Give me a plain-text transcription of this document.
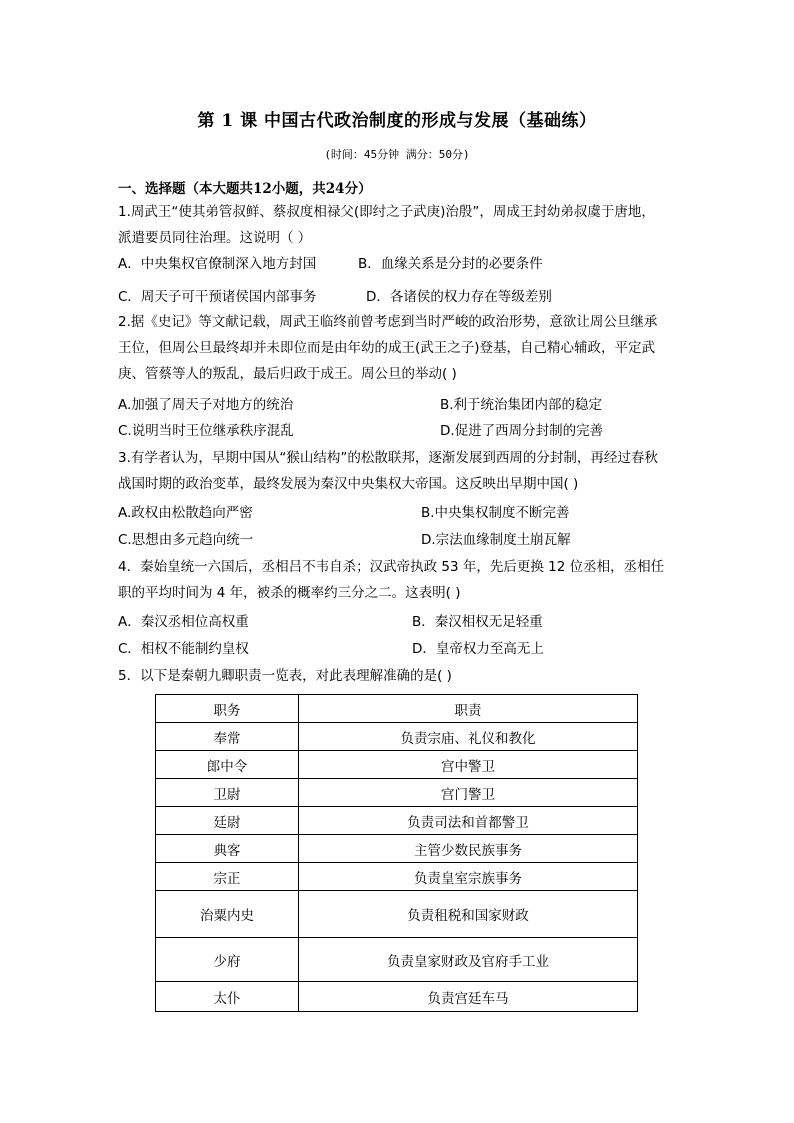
第 1 课 中国古代政治制度的形成与发展（基础练）
(时间：45分钟 满分：50分)
一、选择题（本大题共12小题，共24分）
1.周武王“使其弟管叔鲜、蔡叔度相禄父(即纣之子武庚)治殷”，周成王封幼弟叔虞于唐地，
派遣要员同往治理。这说明（ ）
A．中央集权官僚制深入地方封国	B．血缘关系是分封的必要条件
C．周天子可干预诸侯国内部事务	D．各诸侯的权力存在等级差别
2.据《史记》等文献记载，周武王临终前曾考虑到当时严峻的政治形势，意欲让周公旦继承
王位，但周公旦最终却并未即位而是由年幼的成王(武王之子)登基，自己精心辅政，平定武
庚、管蔡等人的叛乱，最后归政于成王。周公旦的举动( )
A.加强了周天子对地方的统治	B.利于统治集团内部的稳定
C.说明当时王位继承秩序混乱	D.促进了西周分封制的完善
3.有学者认为，早期中国从“猴山结构”的松散联邦，逐渐发展到西周的分封制，再经过春秋
战国时期的政治变革，最终发展为秦汉中央集权大帝国。这反映出早期中国( )
A.政权由松散趋向严密	B.中央集权制度不断完善
C.思想由多元趋向统一	D.宗法血缘制度土崩瓦解
4．秦始皇统一六国后，丞相吕不韦自杀；汉武帝执政 53 年，先后更换 12 位丞相，丞相任
职的平均时间为 4 年，被杀的概率约三分之二。这表明( )
A．秦汉丞相位高权重	B．秦汉相权无足轻重
C．相权不能制约皇权	D．皇帝权力至高无上
5．以下是秦朝九卿职责一览表，对此表理解准确的是( )
职务	职责
奉常	负责宗庙、礼仪和教化
郎中令	宫中警卫
卫尉	宫门警卫
廷尉	负责司法和首都警卫
典客	主管少数民族事务
宗正	负责皇室宗族事务
治粟内史	负责租税和国家财政
少府	负责皇家财政及官府手工业
太仆	负责宫廷车马
